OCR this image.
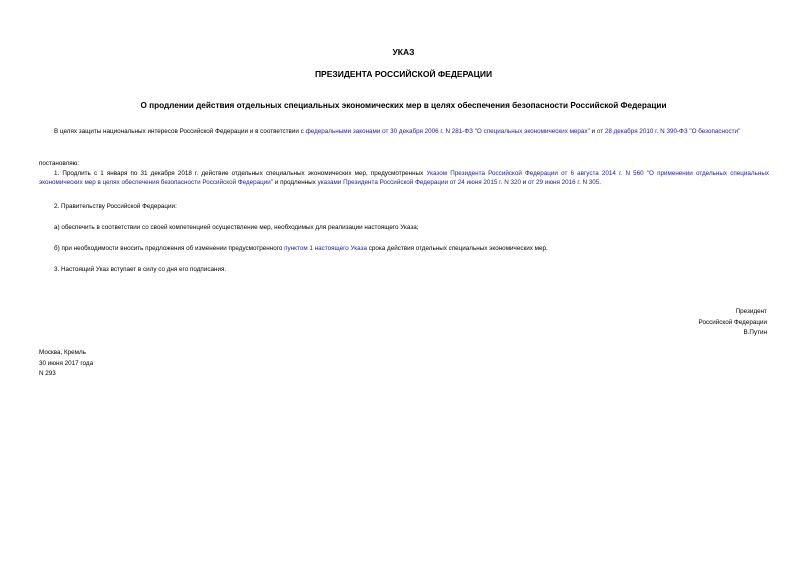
УКАЗ
ПРЕЗИДЕНТА РОССИЙСКОЙ ФЕДЕРАЦИИ
О продлении действия отдельных специальных экономических мер в целях обеспечения безопасности Российской Федерации
В целях защиты национальных интересов Российской Федерации и в соответствии с федеральными законами от 30 декабря 2006 г. N 281-ФЗ "О специальных экономических мерах" и от 28 декабря 2010 г. N 390-ФЗ "О безопасности"
постановляю:
1. Продлить с 1 января по 31 декабря 2018 г. действие отдельных специальных экономических мер, предусмотренных Указом Президента Российской Федерации от 6 августа 2014 г. N 560 "О применении отдельных специальных экономических мер в целях обеспечения безопасности Российской Федерации" и продленных указами Президента Российской Федерации от 24 июня 2015 г. N 320 и от 29 июня 2016 г. N 305.
2. Правительству Российской Федерации:
а) обеспечить в соответствии со своей компетенцией осуществление мер, необходимых для реализации настоящего Указа;
б) при необходимости вносить предложения об изменении предусмотренного пунктом 1 настоящего Указа срока действия отдельных специальных экономических мер.
3. Настоящий Указ вступает в силу со дня его подписания.
Президент
Российской Федерации
В.Путин
Москва, Кремль
30 июня 2017 года
N 293
